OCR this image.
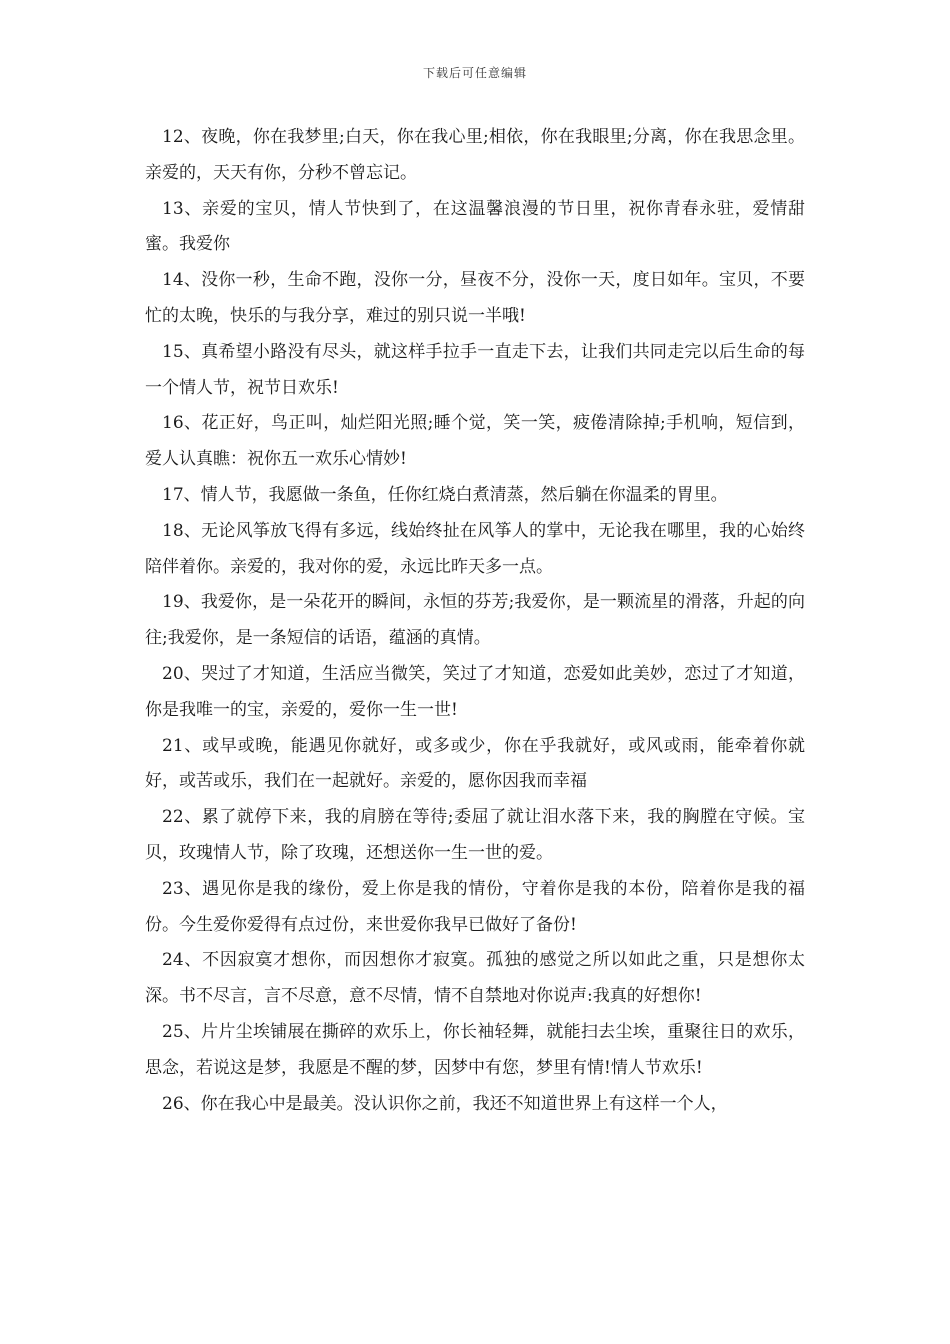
下载后可任意编辑

12、夜晚，你在我梦里;白天，你在我心里;相依，你在我眼里;分离，你在我思念里。亲爱的，天天有你，分秒不曾忘记。

13、亲爱的宝贝，情人节快到了，在这温馨浪漫的节日里，祝你青春永驻，爱情甜蜜。我爱你

14、没你一秒，生命不跑，没你一分，昼夜不分，没你一天，度日如年。宝贝，不要忙的太晚，快乐的与我分享，难过的别只说一半哦!

15、真希望小路没有尽头，就这样手拉手一直走下去，让我们共同走完以后生命的每一个情人节，祝节日欢乐!

16、花正好，鸟正叫，灿烂阳光照;睡个觉，笑一笑，疲倦清除掉;手机响，短信到，爱人认真瞧：祝你五一欢乐心情妙!

17、情人节，我愿做一条鱼，任你红烧白煮清蒸，然后躺在你温柔的胃里。

18、无论风筝放飞得有多远，线始终扯在风筝人的掌中，无论我在哪里，我的心始终陪伴着你。亲爱的，我对你的爱，永远比昨天多一点。

19、我爱你，是一朵花开的瞬间，永恒的芬芳;我爱你，是一颗流星的滑落，升起的向往;我爱你，是一条短信的话语，蕴涵的真情。

20、哭过了才知道，生活应当微笑，笑过了才知道，恋爱如此美妙，恋过了才知道，你是我唯一的宝，亲爱的，爱你一生一世!

21、或早或晚，能遇见你就好，或多或少，你在乎我就好，或风或雨，能牵着你就好，或苦或乐，我们在一起就好。亲爱的，愿你因我而幸福

22、累了就停下来，我的肩膀在等待;委屈了就让泪水落下来，我的胸膛在守候。宝贝，玫瑰情人节，除了玫瑰，还想送你一生一世的爱。

23、遇见你是我的缘份，爱上你是我的情份，守着你是我的本份，陪着你是我的福份。今生爱你爱得有点过份，来世爱你我早已做好了备份!

24、不因寂寞才想你，而因想你才寂寞。孤独的感觉之所以如此之重，只是想你太深。书不尽言，言不尽意，意不尽情，情不自禁地对你说声:我真的好想你!

25、片片尘埃铺展在撕碎的欢乐上，你长袖轻舞，就能扫去尘埃，重聚往日的欢乐，思念，若说这是梦，我愿是不醒的梦，因梦中有您，梦里有情!情人节欢乐!

26、你在我心中是最美。没认识你之前，我还不知道世界上有这样一个人，
